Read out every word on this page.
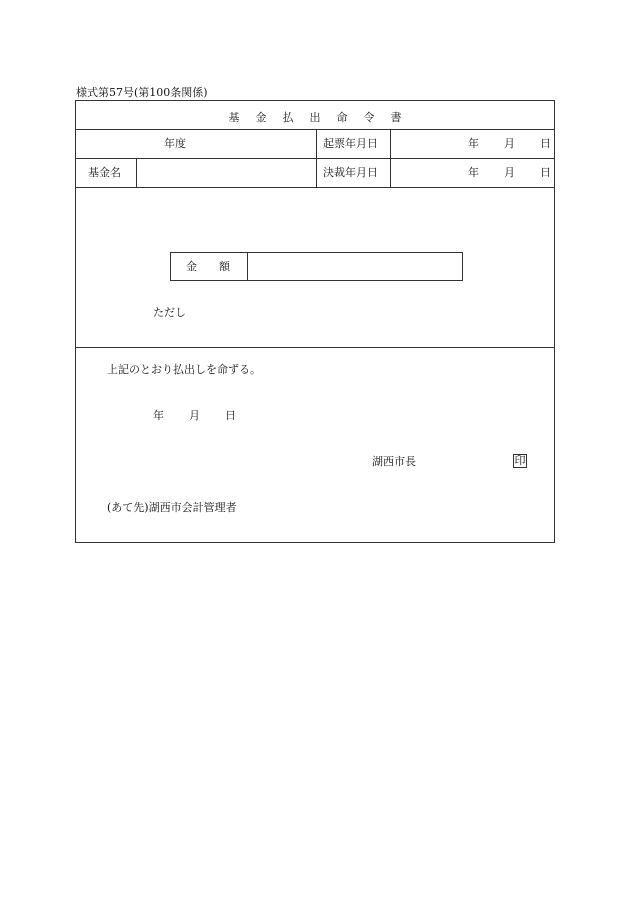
様式第57号(第100条関係)
基金払出命令書
年度	起票年月日	年 月 日
基金名	決裁年月日	年 月 日
金 額
ただし
上記のとおり払出しを命ずる。
年 月 日
湖西市長	印
(あて先)湖西市会計管理者
